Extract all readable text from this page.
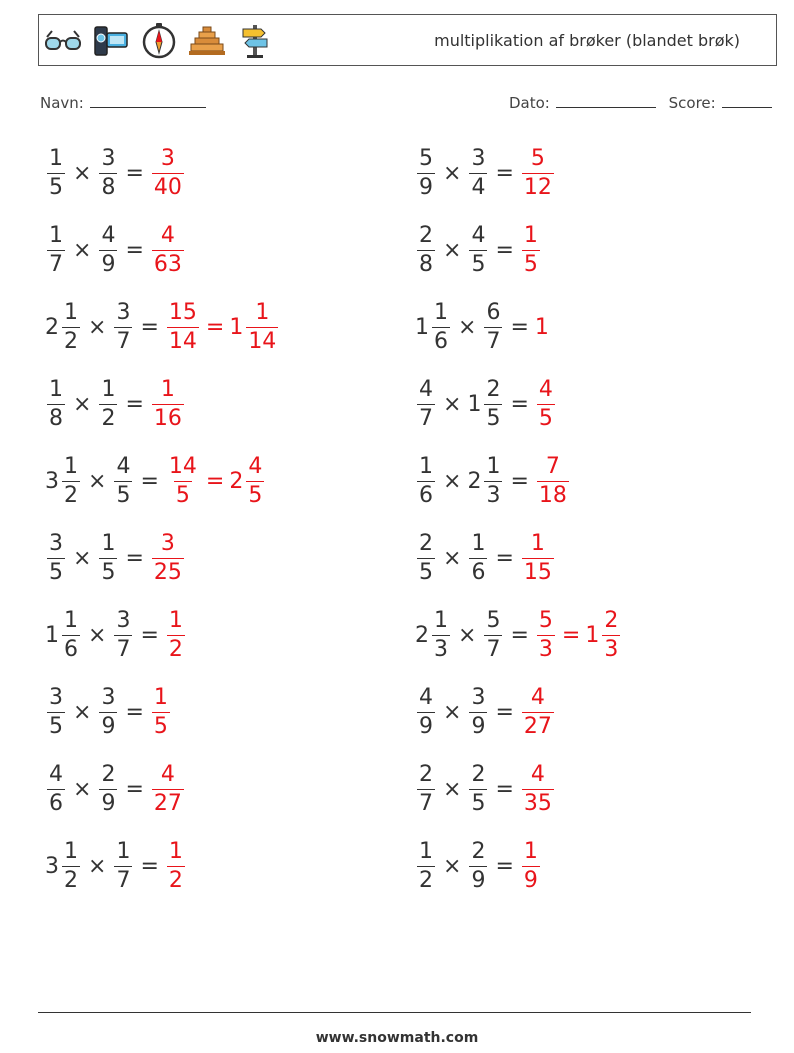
multiplikation af brøker (blandet brøk)
Navn:	Dato:	Score:
$\frac{1}{5} \times \frac{3}{8} = \frac{3}{40}$	$\frac{5}{9} \times \frac{3}{4} = \frac{5}{12}$
$\frac{1}{7} \times \frac{4}{9} = \frac{4}{63}$	$\frac{2}{8} \times \frac{4}{5} = \frac{1}{5}$
$2 \frac{1}{2} \times \frac{3}{7} = \frac{15}{14} = 1 \frac{1}{14}$	$1 \frac{1}{6} \times \frac{6}{7} = 1$
$\frac{1}{8} \times \frac{1}{2} = \frac{1}{16}$	$\frac{4}{7} \times 1 \frac{2}{5} = \frac{4}{5}$
$3 \frac{1}{2} \times \frac{4}{5} = \frac{14}{5} = 2 \frac{4}{5}$	$\frac{1}{6} \times 2 \frac{1}{3} = \frac{7}{18}$
$\frac{3}{5} \times \frac{1}{5} = \frac{3}{25}$	$\frac{2}{5} \times \frac{1}{6} = \frac{1}{15}$
$1 \frac{1}{6} \times \frac{3}{7} = \frac{1}{2}$	$2 \frac{1}{3} \times \frac{5}{7} = \frac{5}{3} = 1 \frac{2}{3}$
$\frac{3}{5} \times \frac{3}{9} = \frac{1}{5}$	$\frac{4}{9} \times \frac{3}{9} = \frac{4}{27}$
$\frac{4}{6} \times \frac{2}{9} = \frac{4}{27}$	$\frac{2}{7} \times \frac{2}{5} = \frac{4}{35}$
$3 \frac{1}{2} \times \frac{1}{7} = \frac{1}{2}$	$\frac{1}{2} \times \frac{2}{9} = \frac{1}{9}$
www.snowmath.com
